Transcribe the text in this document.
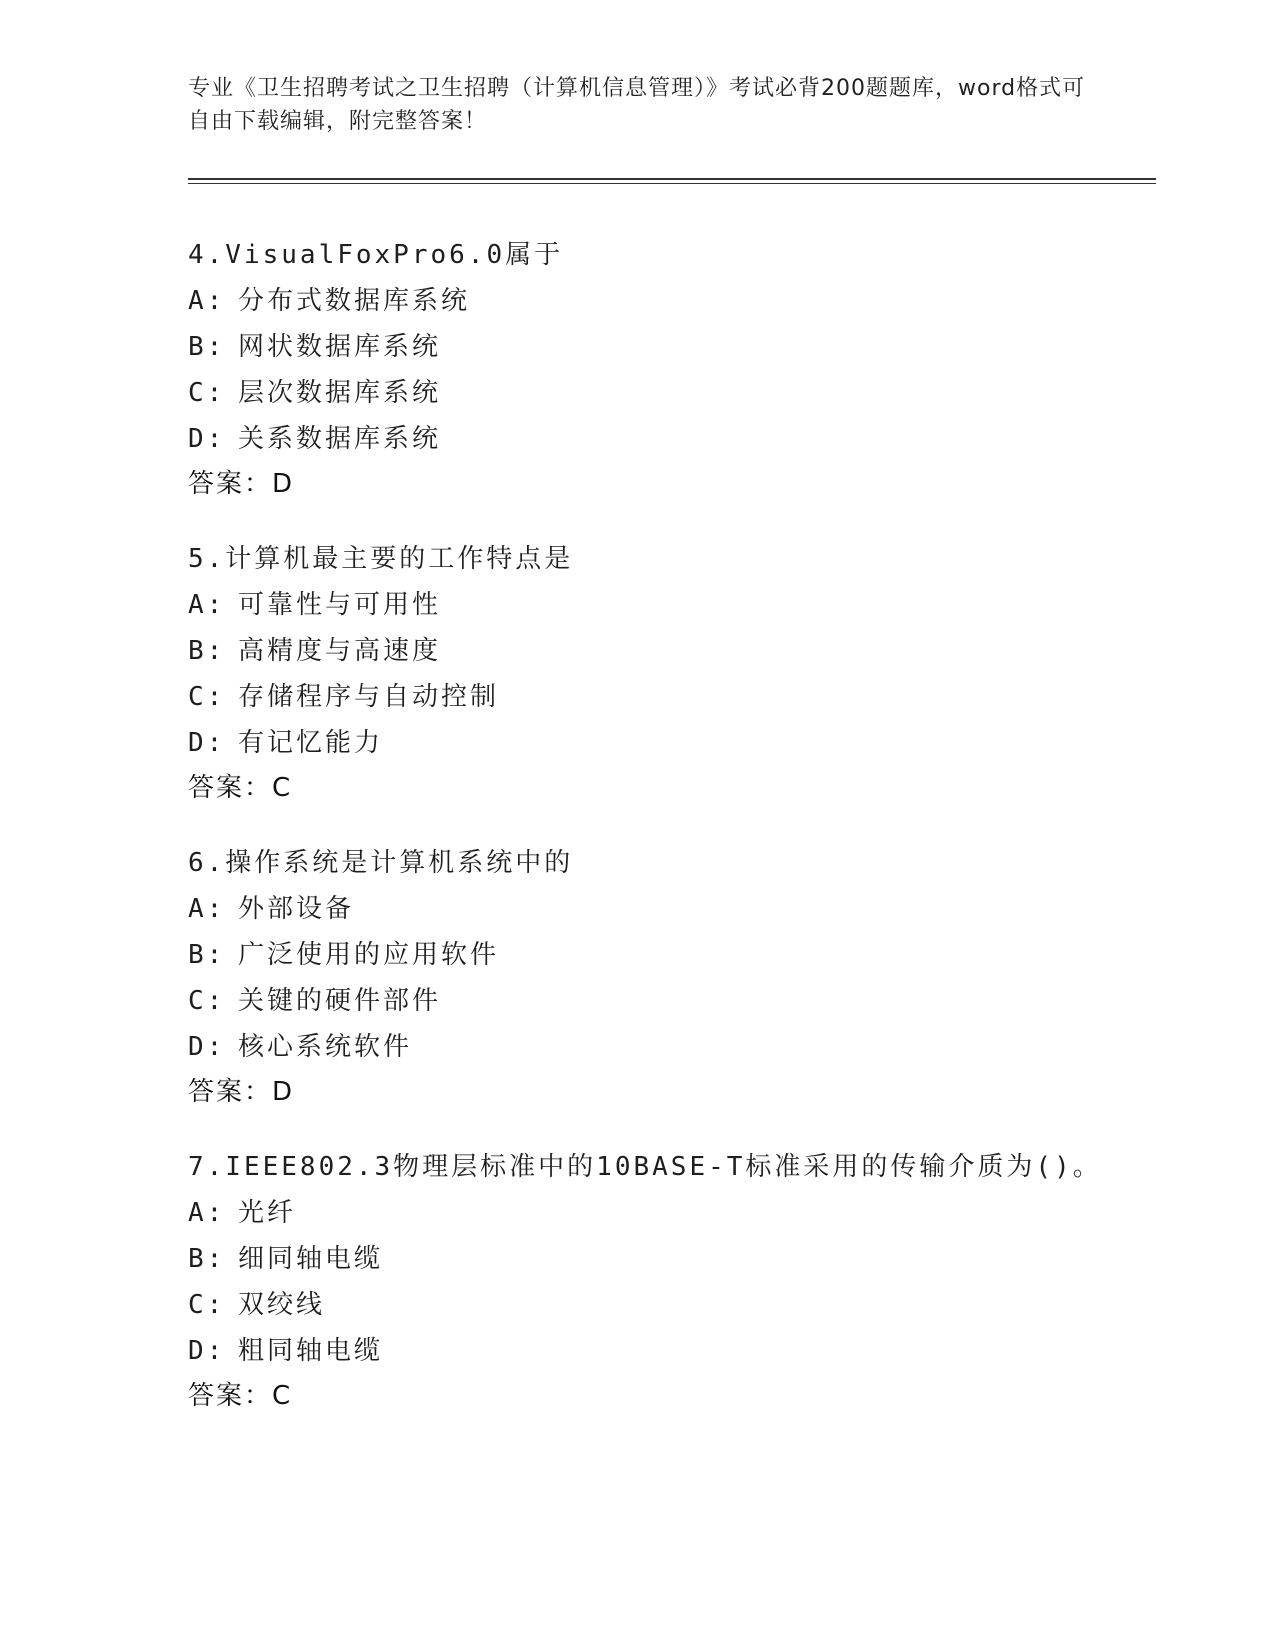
专业《卫生招聘考试之卫生招聘（计算机信息管理）》考试必背200题题库，word格式可自由下载编辑，附完整答案！
4.VisualFoxPro6.0属于
A: 分布式数据库系统
B: 网状数据库系统
C: 层次数据库系统
D: 关系数据库系统
答案：D
5.计算机最主要的工作特点是
A: 可靠性与可用性
B: 高精度与高速度
C: 存储程序与自动控制
D: 有记忆能力
答案：C
6.操作系统是计算机系统中的
A: 外部设备
B: 广泛使用的应用软件
C: 关键的硬件部件
D: 核心系统软件
答案：D
7.IEEE802.3物理层标准中的10BASE-T标准采用的传输介质为()。
A: 光纤
B: 细同轴电缆
C: 双绞线
D: 粗同轴电缆
答案：C
